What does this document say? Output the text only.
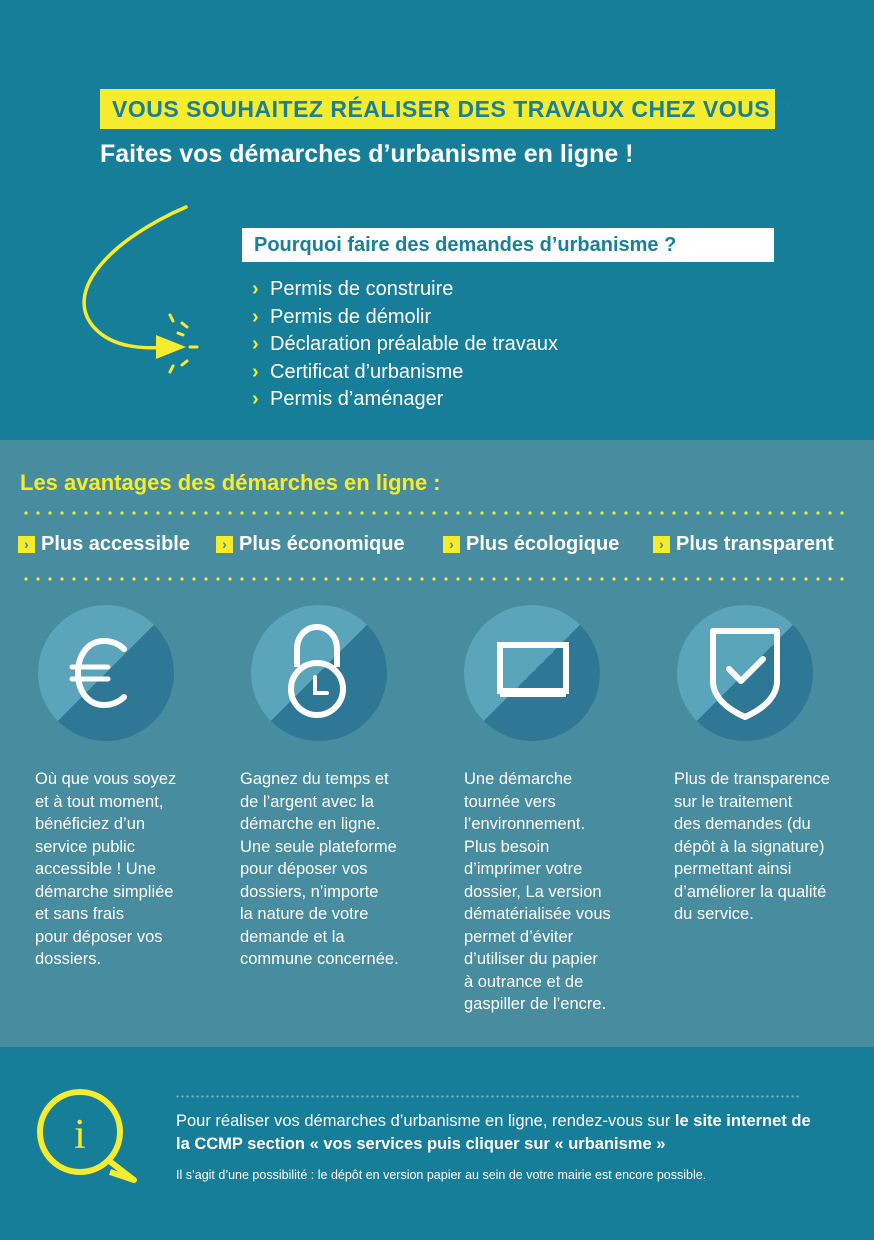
VOUS SOUHAITEZ RÉALISER DES TRAVAUX CHEZ VOUS ?
Faites vos démarches d’urbanisme en ligne !
Pourquoi faire des demandes d’urbanisme ?
› Permis de construire
› Permis de démolir
› Déclaration préalable de travaux
› Certificat d’urbanisme
› Permis d’aménager
Les avantages des démarches en ligne :
› Plus accessible	› Plus économique	› Plus écologique	› Plus transparent
Où que vous soyez
et à tout moment,
bénéficiez d’un
service public
accessible ! Une
démarche simpliée
et sans frais
pour déposer vos
dossiers.
Gagnez du temps et
de l’argent avec la
démarche en ligne.
Une seule plateforme
pour déposer vos
dossiers, n’importe
la nature de votre
demande et la
commune concernée.
Une démarche
tournée vers
l’environnement.
Plus besoin
d’imprimer votre
dossier, La version
dématérialisée vous
permet d’éviter
d’utiliser du papier
à outrance et de
gaspiller de l’encre.
Plus de transparence
sur le traitement
des demandes (du
dépôt à la signature)
permettant ainsi
d’améliorer la qualité
du service.
i	Pour réaliser vos démarches d’urbanisme en ligne, rendez-vous sur le site internet de la CCMP section « vos services puis cliquer sur « urbanisme »
Il s’agit d’une possibilité : le dépôt en version papier au sein de votre mairie est encore possible.
